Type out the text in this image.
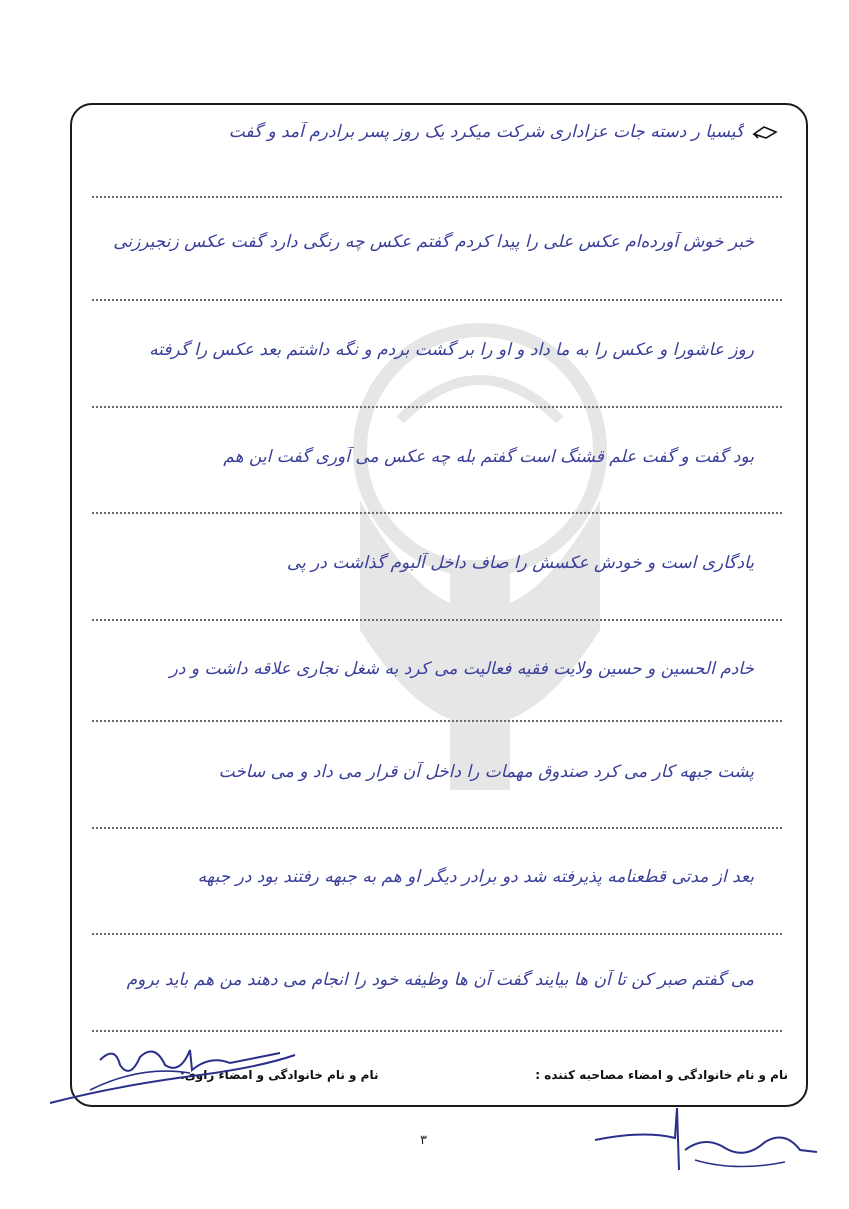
گیسیا ر‌ دسته جات عزاداری شرکت میکرد یک روز پسر برادرم آمد و گفت
خبر خوش آورده‌ام عکس علی را پیدا کردم گفتم عکس چه رنگی دارد گفت عکس زنجیرزنی
روز عاشورا و عکس را به ما داد و او را بر گشت بردم و نگه داشتم بعد عکس را گرفته
بود گفت و گفت علم قشنگ است گفتم بله چه عکس می آوری گفت این هم
یادگاری است و خودش عکسش را صاف داخل آلبوم گذاشت در پی
خادم الحسین و حسین ولایت فقیه فعالیت می کرد به شغل نجاری علاقه داشت و در
پشت جبهه کار می کرد صندوق مهمات را داخل آن قرار می داد و می ساخت
بعد از مدتی قطعنامه پذیرفته شد دو برادر دیگر او هم به جبهه رفتند بود در جبهه
می گفتم صبر کن تا آن ها بیایند گفت آن ها وظیفه خود را انجام می دهند من هم باید بروم
نام و نام خانوادگی و امضاء مصاحبه کننده :
نام و نام خانوادگی و امضاء راوی:
۳
